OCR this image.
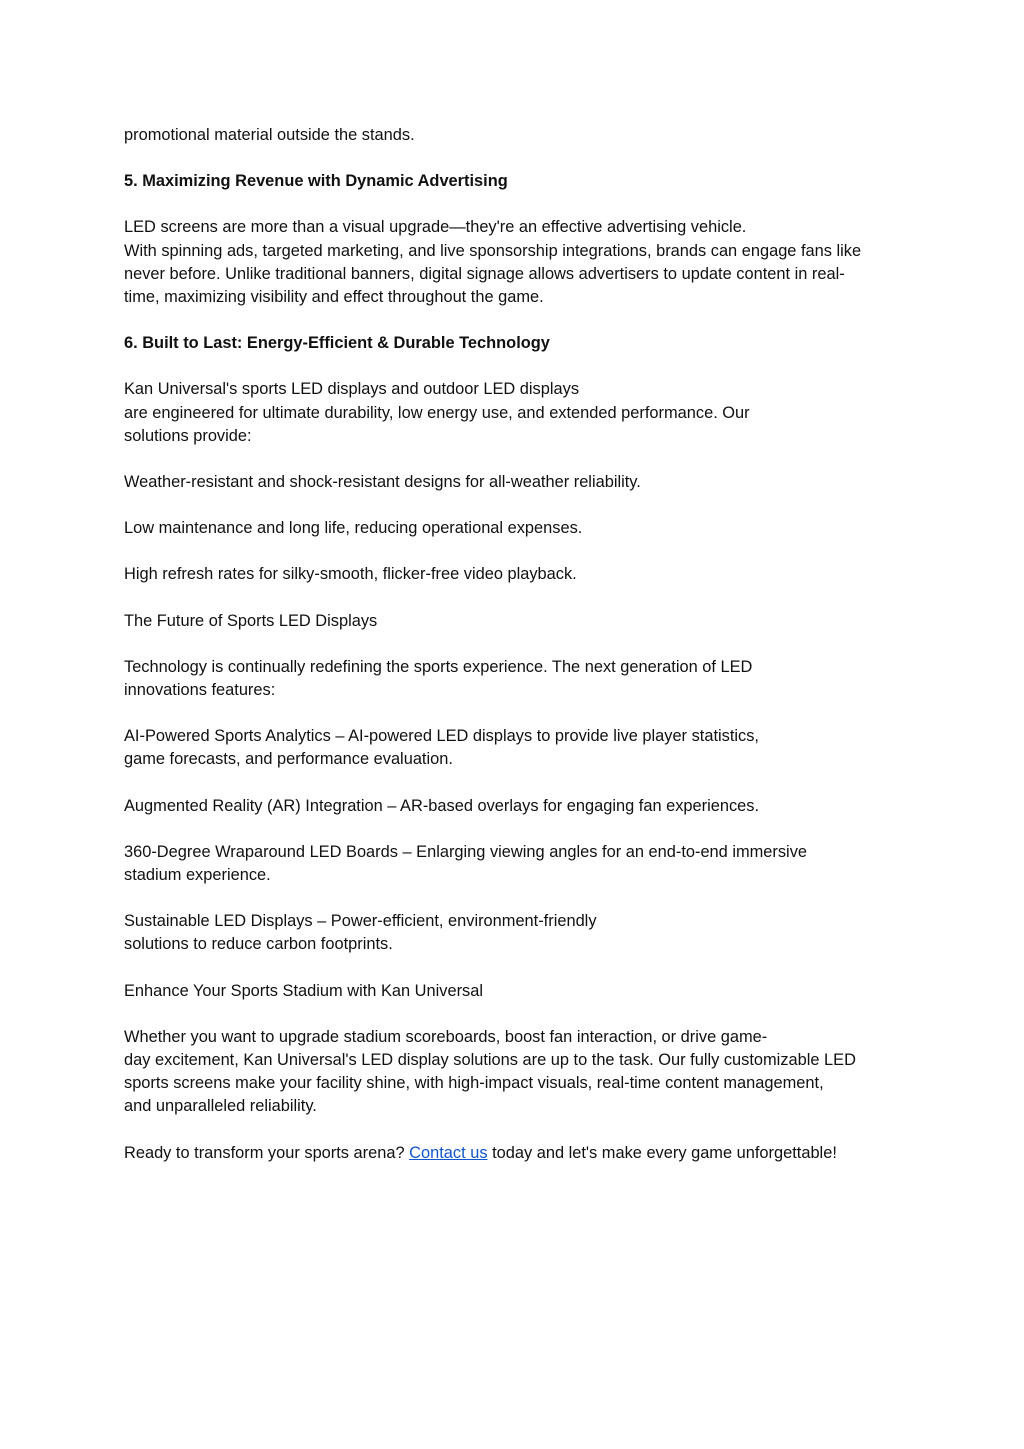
promotional material outside the stands.
5. Maximizing Revenue with Dynamic Advertising
LED screens are more than a visual upgrade—they're an effective advertising vehicle.
With spinning ads, targeted marketing, and live sponsorship integrations, brands can engage fans like
never before. Unlike traditional banners, digital signage allows advertisers to update content in real-
time, maximizing visibility and effect throughout the game.
6. Built to Last: Energy-Efficient & Durable Technology
Kan Universal's sports LED displays and outdoor LED displays
are engineered for ultimate durability, low energy use, and extended performance. Our
solutions provide:
Weather-resistant and shock-resistant designs for all-weather reliability.
Low maintenance and long life, reducing operational expenses.
High refresh rates for silky-smooth, flicker-free video playback.
The Future of Sports LED Displays
Technology is continually redefining the sports experience. The next generation of LED
innovations features:
AI-Powered Sports Analytics – AI-powered LED displays to provide live player statistics,
game forecasts, and performance evaluation.
Augmented Reality (AR) Integration – AR-based overlays for engaging fan experiences.
360-Degree Wraparound LED Boards – Enlarging viewing angles for an end-to-end immersive
stadium experience.
Sustainable LED Displays – Power-efficient, environment-friendly
solutions to reduce carbon footprints.
Enhance Your Sports Stadium with Kan Universal
Whether you want to upgrade stadium scoreboards, boost fan interaction, or drive game-
day excitement, Kan Universal's LED display solutions are up to the task. Our fully customizable LED
sports screens make your facility shine, with high-impact visuals, real-time content management,
and unparalleled reliability.
Ready to transform your sports arena? Contact us today and let's make every game unforgettable!
